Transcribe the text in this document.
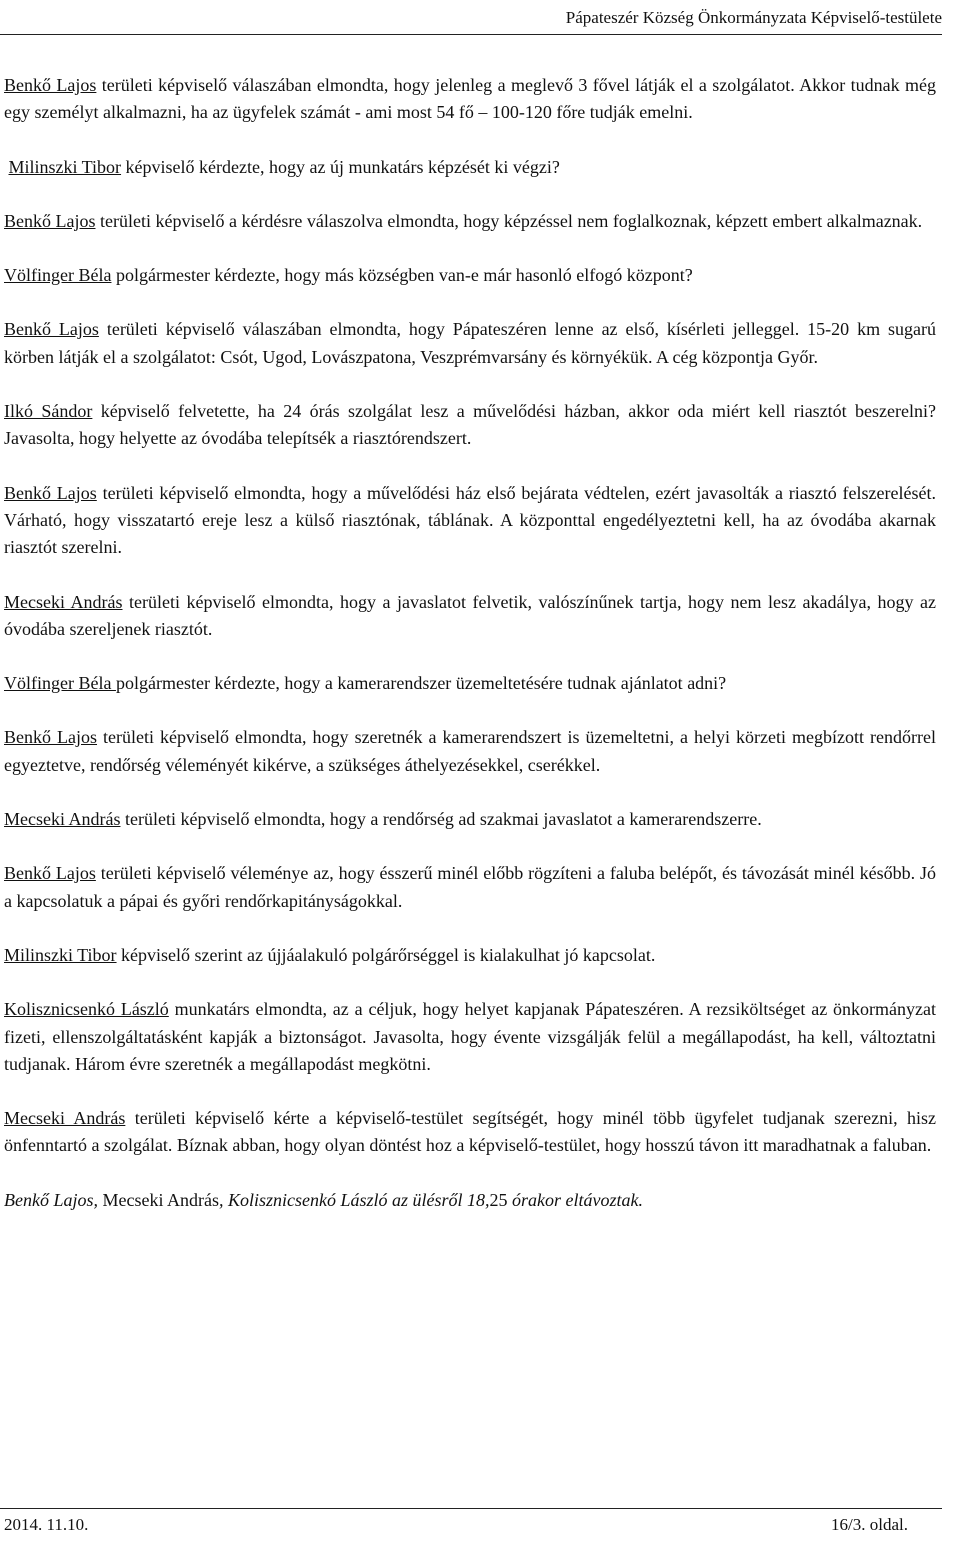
Pápateszér Község Önkormányzata Képviselő-testülete

Benkő Lajos területi képviselő válaszában elmondta, hogy jelenleg a meglevő 3 fővel látják el a szolgálatot. Akkor tudnak még egy személyt alkalmazni, ha az ügyfelek számát - ami most 54 fő – 100-120 főre tudják emelni.

Milinszki Tibor képviselő kérdezte, hogy az új munkatárs képzését ki végzi?

Benkő Lajos területi képviselő a kérdésre válaszolva elmondta, hogy képzéssel nem foglalkoznak, képzett embert alkalmaznak.

Völfinger Béla polgármester kérdezte, hogy más községben van-e már hasonló elfogó központ?

Benkő Lajos területi képviselő válaszában elmondta, hogy Pápateszéren lenne az első, kísérleti jelleggel. 15-20 km sugarú körben látják el a szolgálatot: Csót, Ugod, Lovászpatona, Veszprémvarsány és környékük. A cég központja Győr.

Ilkó Sándor képviselő felvetette, ha 24 órás szolgálat lesz a művelődési házban, akkor oda miért kell riasztót beszerelni? Javasolta, hogy helyette az óvodába telepítsék a riasztórendszert.

Benkő Lajos területi képviselő elmondta, hogy a művelődési ház első bejárata védtelen, ezért javasolták a riasztó felszerelését. Várható, hogy visszatartó ereje lesz a külső riasztónak, táblának. A központtal engedélyeztetni kell, ha az óvodába akarnak riasztót szerelni.

Mecseki András területi képviselő elmondta, hogy a javaslatot felvetik, valószínűnek tartja, hogy nem lesz akadálya, hogy az óvodába szereljenek riasztót.

Völfinger Béla polgármester kérdezte, hogy a kamerarendszer üzemeltetésére tudnak ajánlatot adni?

Benkő Lajos területi képviselő elmondta, hogy szeretnék a kamerarendszert is üzemeltetni, a helyi körzeti megbízott rendőrrel egyeztetve, rendőrség véleményét kikérve, a szükséges áthelyezésekkel, cserékkel.

Mecseki András területi képviselő elmondta, hogy a rendőrség ad szakmai javaslatot a kamerarendszerre.

Benkő Lajos területi képviselő véleménye az, hogy ésszerű minél előbb rögzíteni a faluba belépőt, és távozását minél később. Jó a kapcsolatuk a pápai és győri rendőrkapitányságokkal.

Milinszki Tibor képviselő szerint az újjáalakuló polgárőrséggel is kialakulhat jó kapcsolat.

Kolisznicsenkó László munkatárs elmondta, az a céljuk, hogy helyet kapjanak Pápateszéren. A rezsiköltséget az önkormányzat fizeti, ellenszolgáltatásként kapják a biztonságot. Javasolta, hogy évente vizsgálják felül a megállapodást, ha kell, változtatni tudjanak. Három évre szeretnék a megállapodást megkötni.

Mecseki András területi képviselő kérte a képviselő-testület segítségét, hogy minél több ügyfelet tudjanak szerezni, hisz önfenntartó a szolgálat. Bíznak abban, hogy olyan döntést hoz a képviselő-testület, hogy hosszú távon itt maradhatnak a faluban.

Benkő Lajos, Mecseki András, Kolisznicsenkó László az ülésről 18,25 órakor eltávoztak.

2014. 11.10.	16/3. oldal.
